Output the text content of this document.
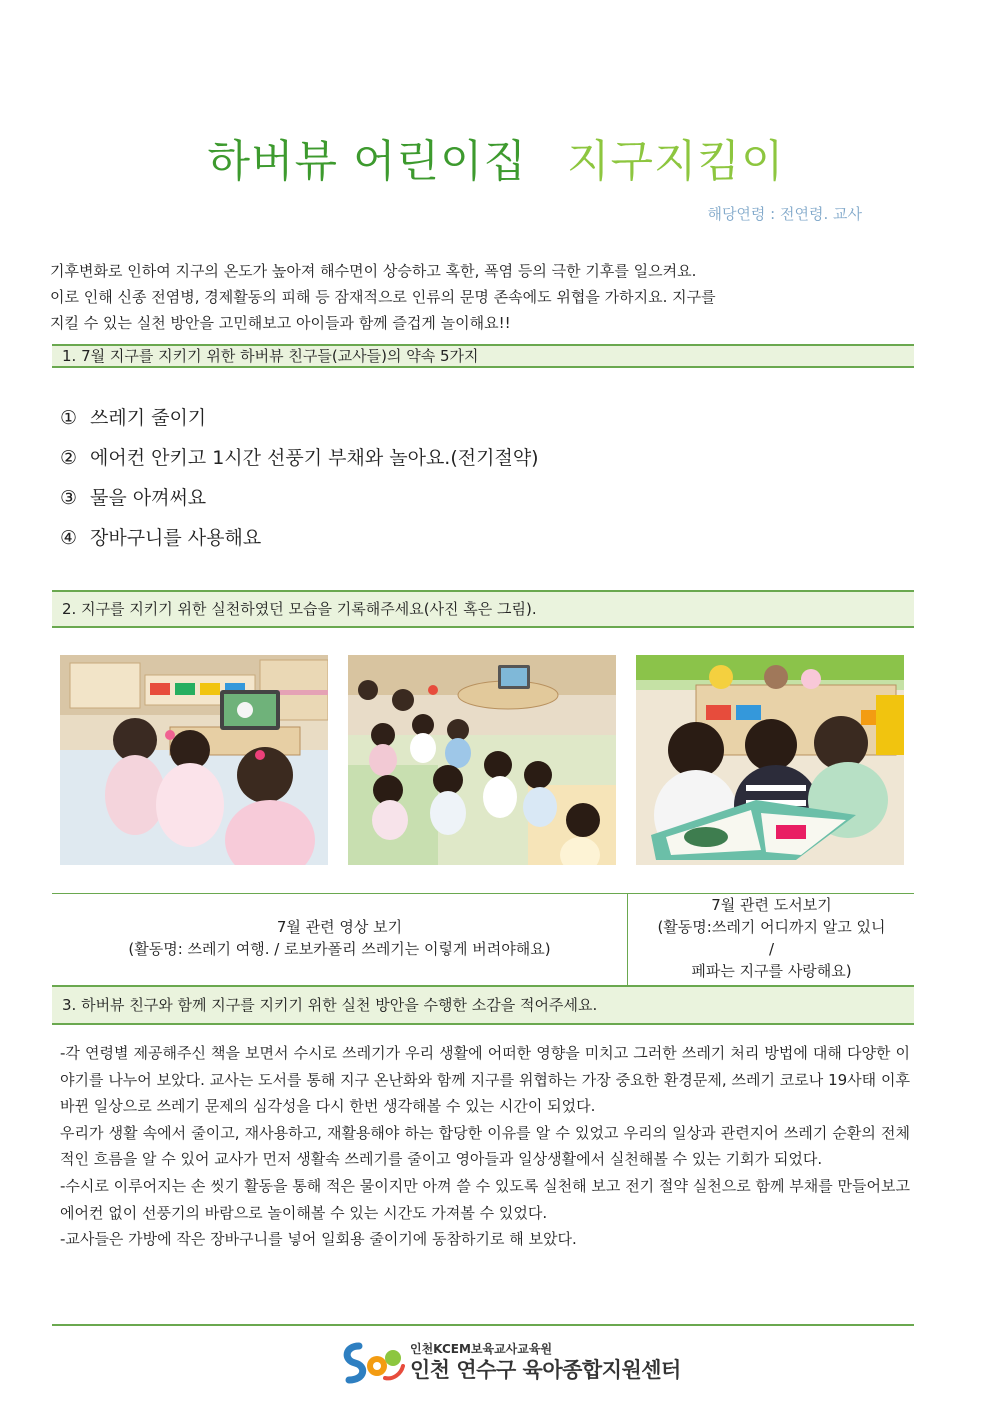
하버뷰 어린이집 지구지킴이
해당연령 : 전연령. 교사

기후변화로 인하여 지구의 온도가 높아져 해수면이 상승하고 혹한, 폭염 등의 극한 기후를 일으켜요.

이로 인해 신종 전염병, 경제활동의 피해 등 잠재적으로 인류의 문명 존속에도 위협을 가하지요. 지구를

지킬 수 있는 실천 방안을 고민해보고 아이들과 함께 즐겁게 놀이해요!!

1. 7월 지구를 지키기 위한 하버뷰 친구들(교사들)의 약속 5가지
① 쓰레기 줄이기
② 에어컨 안키고 1시간 선풍기 부채와 놀아요.(전기절약)
③ 물을 아껴써요
④ 장바구니를 사용해요
2. 지구를 지키기 위한 실천하였던 모습을 기록해주세요(사진 혹은 그림).
7월 관련 영상 보기
(활동명: 쓰레기 여행. / 로보카폴리 쓰레기는 이렇게 버려야해요)
7월 관련 도서보기
(활동명:쓰레기 어디까지 알고 있니
/
페파는 지구를 사랑해요)
3. 하버뷰 친구와 함께 지구를 지키기 위한 실천 방안을 수행한 소감을 적어주세요.

-각 연령별 제공해주신 책을 보면서 수시로 쓰레기가 우리 생활에 어떠한 영향을 미치고 그러한 쓰레기 처리 방법에 대해 다양한 이야기를 나누어 보았다. 교사는 도서를 통해 지구 온난화와 함께 지구를 위협하는 가장 중요한 환경문제, 쓰레기 코로나 19사태 이후 바뀐 일상으로 쓰레기 문제의 심각성을 다시 한번 생각해볼 수 있는 시간이 되었다.

우리가 생활 속에서 줄이고, 재사용하고, 재활용해야 하는 합당한 이유를 알 수 있었고 우리의 일상과 관련지어 쓰레기 순환의 전체적인 흐름을 알 수 있어 교사가 먼저 생활속 쓰레기를 줄이고 영아들과 일상생활에서 실천해볼 수 있는 기회가 되었다.

-수시로 이루어지는 손 씻기 활동을 통해 적은 물이지만 아껴 쓸 수 있도록 실천해 보고 전기 절약 실천으로 함께 부채를 만들어보고 에어컨 없이 선풍기의 바람으로 놀이해볼 수 있는 시간도 가져볼 수 있었다.

-교사들은 가방에 작은 장바구니를 넣어 일회용 줄이기에 동참하기로 해 보았다.

인천KCEM보육교사교육원
인천 연수구 육아종합지원센터
